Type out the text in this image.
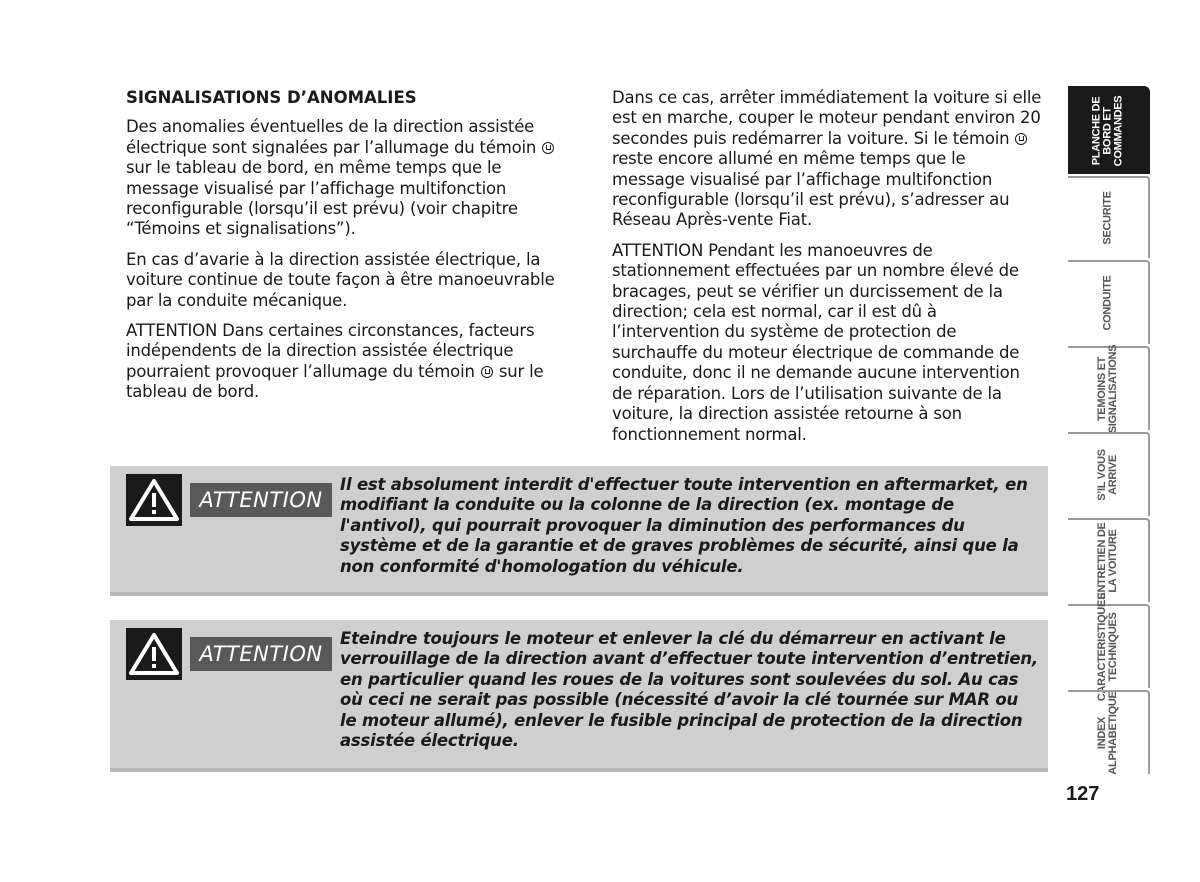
SIGNALISATIONS D’ANOMALIES

Des anomalies éventuelles de la direction assistée électrique sont signalées par l’allumage du témoin  sur le tableau de bord, en même temps que le message visualisé par l’affichage multifonction reconfigurable (lorsqu’il est prévu) (voir chapitre “Témoins et signalisations”).

En cas d’avarie à la direction assistée électrique, la voiture continue de toute façon à être manoeuvrable par la conduite mécanique.

ATTENTION Dans certaines circonstances, facteurs indépendents de la direction assistée électrique pourraient provoquer l’allumage du témoin sur le tableau de bord.

Dans ce cas, arrêter immédiatement la voiture si elle est en marche, couper le moteur pendant environ 20 secondes puis redémarrer la voiture. Si le témoin  reste encore allumé en même temps que le message visualisé par l’affichage multifonction reconfigurable (lorsqu’il est prévu), s’adresser au Réseau Après-vente Fiat.

ATTENTION Pendant les manoeuvres de stationnement effectuées par un nombre élevé de bracages, peut se vérifier un durcissement de la direction; cela est normal, car il est dû à l’intervention du système de protection de surchauffe du moteur électrique de commande de conduite, donc il ne demande aucune intervention de réparation. Lors de l’utilisation suivante de la voiture, la direction assistée retourne à son fonctionnement normal.

ATTENTION
Il est absolument interdit d'effectuer toute intervention en aftermarket, en modifiant la conduite ou la colonne de la direction (ex. montage de l'antivol), qui pourrait provoquer la diminution des performances du système et de la garantie et de graves problèmes de sécurité, ainsi que la non conformité d'homologation du véhicule.
ATTENTION
Eteindre toujours le moteur et enlever la clé du démarreur en activant le verrouillage de la direction avant d’effectuer toute intervention d’entretien, en particulier quand les roues de la voitures sont soulevées du sol. Au cas où ceci ne serait pas possible (nécessité d’avoir la clé tournée sur MAR ou le moteur allumé), enlever le fusible principal de protection de la direction assistée électrique.
PLANCHE DE
BORD ET
COMMANDES
SECURITE
CONDUITE
TEMOINS ET
SIGNALISATIONS
S’IL VOUS
ARRIVE
ENTRETIEN DE
LA VOITURE
CARACTERISTIQUES
TECHNIQUES
INDEX
ALPHABETIQUE
127
